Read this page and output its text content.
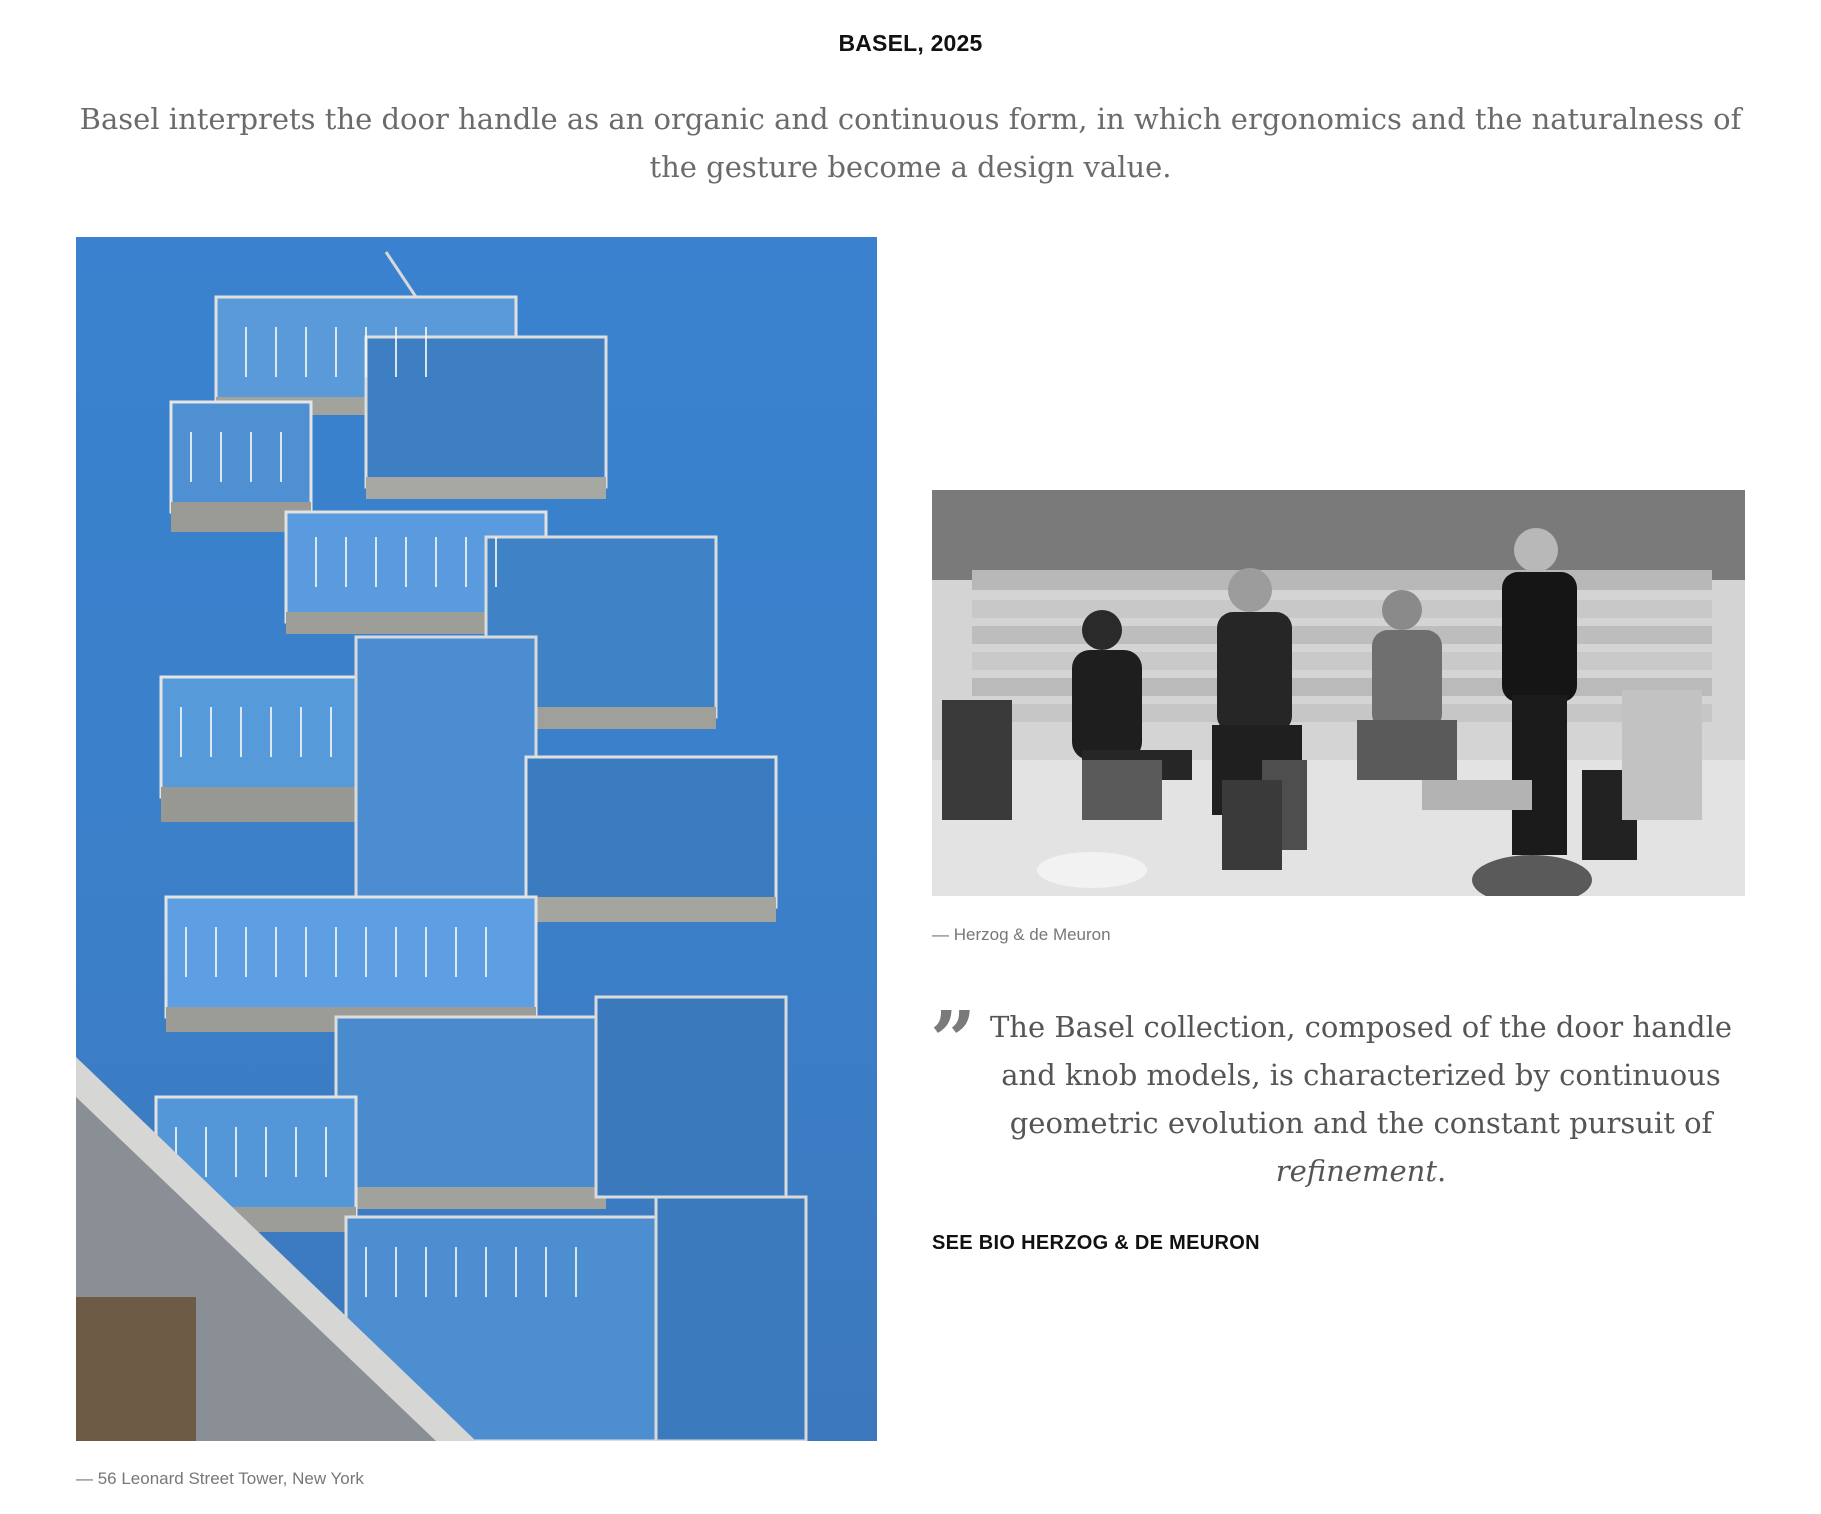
BASEL, 2025
Basel interprets the door handle as an organic and continuous form, in which ergonomics and the naturalness of the gesture become a design value.
— 56 Leonard Street Tower, New York
— Herzog & de Meuron
” The Basel collection, composed of the door handle and knob models, is characterized by continuous geometric evolution and the constant pursuit of refinement.
SEE BIO HERZOG & DE MEURON
